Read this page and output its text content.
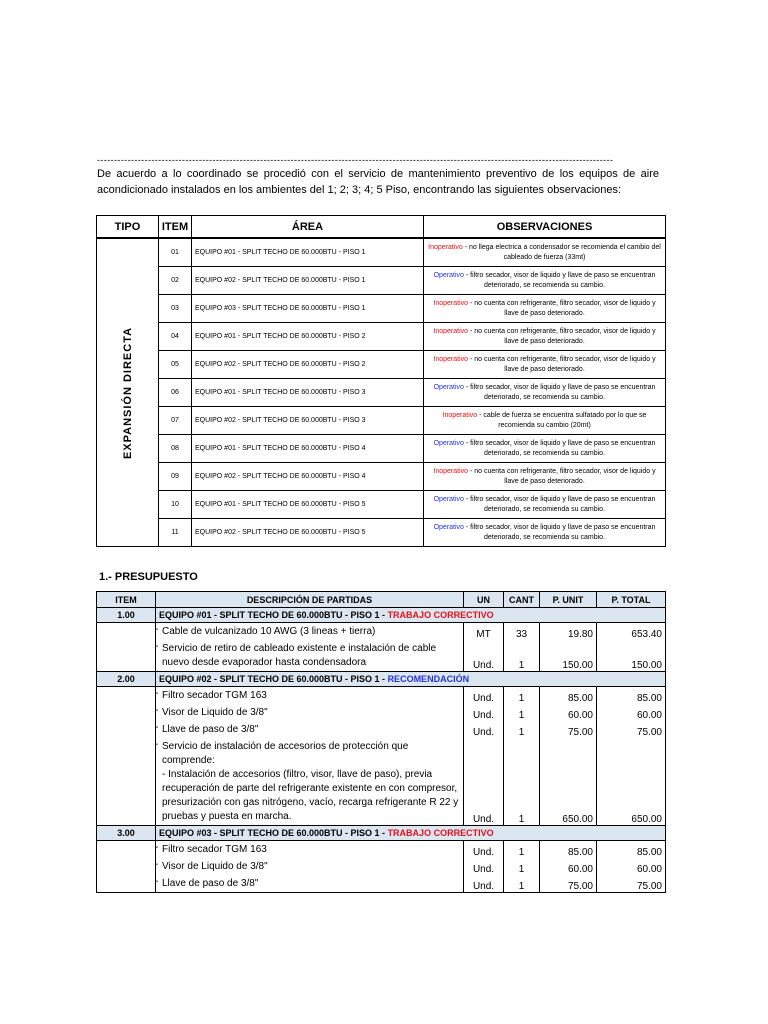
--------------------------------------------------------------------------------------------------------------------------------------------------------
De acuerdo a lo coordinado se procedió con el servicio de mantenimiento preventivo de los equipos de aire acondicionado instalados en los ambientes del 1; 2; 3; 4; 5 Piso, encontrando las siguientes observaciones:
TIPO	ITEM	ÁREA	OBSERVACIONES

EXPANSIÓN DIRECTA	01	EQUIPO #01 - SPLIT TECHO DE 60.000BTU - PISO 1	Inoperativo - no llega electrica a condensador se recomienda el cambio del cableado de fuerza (33mt)
	02	EQUIPO #02 - SPLIT TECHO DE 60.000BTU - PISO 1	Operativo - filtro secador, visor de liquido y llave de paso se encuentran deteriorado, se recomienda su cambio.
	03	EQUIPO #03 - SPLIT TECHO DE 60.000BTU - PISO 1	Inoperativo - no cuenta con refrigerante, filtro secador, visor de liquido y llave de paso deteriorado.
	04	EQUIPO #01 - SPLIT TECHO DE 60.000BTU - PISO 2	Inoperativo - no cuenta con refrigerante, filtro secador, visor de liquido y llave de paso deteriorado.
	05	EQUIPO #02 - SPLIT TECHO DE 60.000BTU - PISO 2	Inoperativo - no cuenta con refrigerante, filtro secador, visor de liquido y llave de paso deteriorado.
	06	EQUIPO #01 - SPLIT TECHO DE 60.000BTU - PISO 3	Operativo - filtro secador, visor de liquido y llave de paso se encuentran deteriorado, se recomienda su cambio.
	07	EQUIPO #02 - SPLIT TECHO DE 60.000BTU - PISO 3	Inoperativo - cable de fuerza se encuentra sulfatado por lo que se recomienda su cambio (20mt)
	08	EQUIPO #01 - SPLIT TECHO DE 60.000BTU - PISO 4	Operativo - filtro secador, visor de liquido y llave de paso se encuentran deteriorado, se recomienda su cambio.
	09	EQUIPO #02 - SPLIT TECHO DE 60.000BTU - PISO 4	Inoperativo - no cuenta con refrigerante, filtro secador, visor de liquido y llave de paso deteriorado.
	10	EQUIPO #01 - SPLIT TECHO DE 60.000BTU - PISO 5	Operativo - filtro secador, visor de liquido y llave de paso se encuentran deteriorado, se recomienda su cambio.
	11	EQUIPO #02 - SPLIT TECHO DE 60.000BTU - PISO 5	Operativo - filtro secador, visor de liquido y llave de paso se encuentran deteriorado, se recomienda su cambio.
1.- PRESUPUESTO
ITEM	DESCRIPCIÓN DE PARTIDAS	UN	CANT	P. UNIT	P. TOTAL
1.00	EQUIPO #01 - SPLIT TECHO DE 60.000BTU - PISO 1 - TRABAJO CORRECTIVO				

	- Cable de vulcanizado 10 AWG (3 lineas + tierra)	MT	33	19.80	653.40

	- Servicio de retiro de cableado existente e instalación de cable nuevo desde evaporador hasta condensadora	Und.	1	150.00	150.00
2.00	EQUIPO #02 - SPLIT TECHO DE 60.000BTU - PISO 1 - RECOMENDACIÓN				

	- Filtro secador TGM 163	Und.	1	85.00	85.00

	- Visor de Liquido de 3/8"	Und.	1	60.00	60.00

	- Llave de paso de 3/8"	Und.	1	75.00	75.00

	- Servicio de instalación de accesorios de protección que comprende:
- Instalación de accesorios (filtro, visor, llave de paso), previa recuperación de parte del refrigerante existente en con compresor, presurización con gas nitrógeno, vacío, recarga refrigerante R 22 y pruebas y puesta en marcha.	Und.	1	650.00	650.00
3.00	EQUIPO #03 - SPLIT TECHO DE 60.000BTU - PISO 1 - TRABAJO CORRECTIVO				

	- Filtro secador TGM 163	Und.	1	85.00	85.00

	- Visor de Liquido de 3/8"	Und.	1	60.00	60.00

	- Llave de paso de 3/8"	Und.	1	75.00	75.00
